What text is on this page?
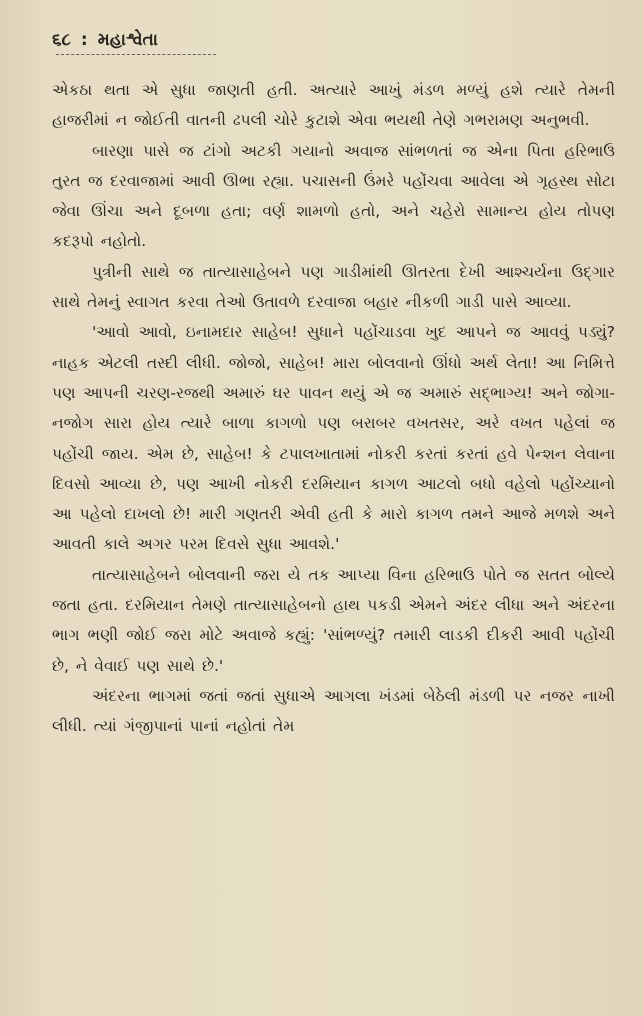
૬૮ : મહાશ્વેતા

એકઠા થતા એ સુધા જાણતી હતી. અત્યારે આખું મંડળ મળ્યું હશે ત્યારે તેમની હાજરીમાં ન જોઈતી વાતની ઢપલી ચોરે કુટાશે એવા ભયથી તેણે ગભરામણ અનુભવી.

બારણા પાસે જ ટાંગો અટકી ગયાનો અવાજ સાંભળતાં જ એના પિતા હરિભાઉ તુરત જ દરવાજામાં આવી ઊભા રહ્યા. પચાસની ઉંમરે પહોંચવા આવેલા એ ગૃહસ્થ સોટા જેવા ઊંચા અને દૂબળા હતા; વર્ણ શામળો હતો, અને ચહેરો સામાન્ય હોય તોપણ કદરૂપો નહોતો.

પુત્રીની સાથે જ તાત્યાસાહેબને પણ ગાડીમાંથી ઊતરતા દેખી આશ્ચર્યના ઉદ્ગાર સાથે તેમનું સ્વાગત કરવા તેઓ ઉતાવળે દરવાજા બહાર નીકળી ગાડી પાસે આવ્યા.

'આવો આવો, ઇનામદાર સાહેબ! સુધાને પહોંચાડવા ખુદ આપને જ આવવું પડ્યું? નાહક એટલી તસ્દી લીધી. જોજો, સાહેબ! મારા બોલવાનો ઊંધો અર્થ લેતા! આ નિમિત્તે પણ આપની ચરણ-રજથી અમારું ઘર પાવન થયું એ જ અમારું સદ્ભાગ્ય! અને જોગા-નજોગ સારા હોય ત્યારે બાળા કાગળો પણ બરાબર વખતસર, અરે વખત પહેલાં જ પહોંચી જાય. એમ છે, સાહેબ! કે ટપાલખાતામાં નોકરી કરતાં કરતાં હવે પેન્શન લેવાના દિવસો આવ્યા છે, પણ આખી નોકરી દરમિયાન કાગળ આટલો બધો વહેલો પહોંચ્યાનો આ પહેલો દાખલો છે! મારી ગણતરી એવી હતી કે મારો કાગળ તમને આજે મળશે અને આવતી કાલે અગર પરમ દિવસે સુધા આવશે.'

તાત્યાસાહેબને બોલવાની જરા યે તક આપ્યા વિના હરિભાઉ પોતે જ સતત બોલ્યે જતા હતા. દરમિયાન તેમણે તાત્યાસાહેબનો હાથ પકડી એમને અંદર લીધા અને અંદરના ભાગ ભણી જોઈ જરા મોટે અવાજે કહ્યું: 'સાંભળ્યું? તમારી લાડકી દીકરી આવી પહોંચી છે, ને વેવાઈ પણ સાથે છે.'

અંદરના ભાગમાં જતાં જતાં સુધાએ આગલા ખંડમાં બેઠેલી મંડળી પર નજર નાખી લીધી. ત્યાં ગંજીપાનાં પાનાં નહોતાં તેમ
